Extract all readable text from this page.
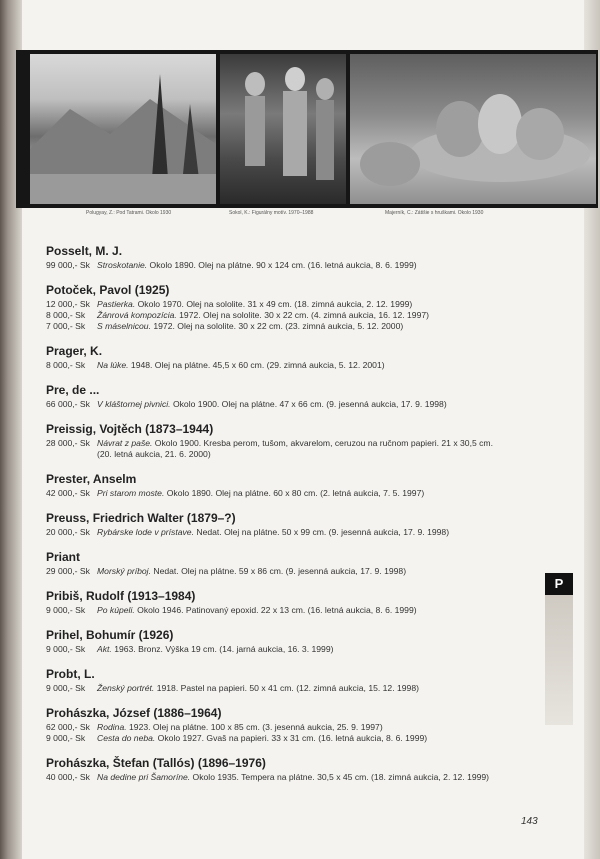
Polugyay, Z.: Pod Tatrami. Okolo 1930	Sokol, K.: Figurálny motív. 1970–1988	Majerník, C.: Zátišie s hruškami. Okolo 1930
Posselt, M. J.
99 000,- Sk Stroskotanie. Okolo 1890. Olej na plátne. 90 x 124 cm. (16. letná aukcia, 8. 6. 1999)
Potoček, Pavol (1925)
12 000,- Sk Pastierka. Okolo 1970. Olej na sololite. 31 x 49 cm. (18. zimná aukcia, 2. 12. 1999)
8 000,- Sk	Žánrová kompozícia. 1972. Olej na sololite. 30 x 22 cm. (4. zimná aukcia, 16. 12. 1997)
7 000,- Sk	S máselnicou. 1972. Olej na sololite. 30 x 22 cm. (23. zimná aukcia, 5. 12. 2000)
Prager, K.
8 000,- Sk	Na lúke. 1948. Olej na plátne. 45,5 x 60 cm. (29. zimná aukcia, 5. 12. 2001)
Pre, de ...
66 000,- Sk V kláštornej pivnici. Okolo 1900. Olej na plátne. 47 x 66 cm. (9. jesenná aukcia, 17. 9. 1998)
Preissig, Vojtěch (1873–1944)
28 000,- Sk Návrat z paše. Okolo 1900. Kresba perom, tušom, akvarelom, ceruzou na ručnom papieri. 21 x 30,5 cm.
(20. letná aukcia, 21. 6. 2000)
Prester, Anselm
42 000,- Sk Pri starom moste. Okolo 1890. Olej na plátne. 60 x 80 cm. (2. letná aukcia, 7. 5. 1997)
Preuss, Friedrich Walter (1879–?)
20 000,- Sk Rybárske lode v prístave. Nedat. Olej na plátne. 50 x 99 cm. (9. jesenná aukcia, 17. 9. 1998)
Priant
29 000,- Sk Morský príboj. Nedat. Olej na plátne. 59 x 86 cm. (9. jesenná aukcia, 17. 9. 1998)
Pribiš, Rudolf (1913–1984)
9 000,- Sk	Po kúpeli. Okolo 1946. Patinovaný epoxid. 22 x 13 cm. (16. letná aukcia, 8. 6. 1999)
Prihel, Bohumír (1926)
9 000,- Sk	Akt. 1963. Bronz. Výška 19 cm. (14. jarná aukcia, 16. 3. 1999)
Probt, L.
9 000,- Sk	Ženský portrét. 1918. Pastel na papieri. 50 x 41 cm. (12. zimná aukcia, 15. 12. 1998)
Prohászka, József (1886–1964)
62 000,- Sk Rodina. 1923. Olej na plátne. 100 x 85 cm. (3. jesenná aukcia, 25. 9. 1997)
9 000,- Sk	Cesta do neba. Okolo 1927. Gvaš na papieri. 33 x 31 cm. (16. letná aukcia, 8. 6. 1999)
Prohászka, Štefan (Tallós) (1896–1976)
40 000,- Sk Na dedine pri Šamoríne. Okolo 1935. Tempera na plátne. 30,5 x 45 cm. (18. zimná aukcia, 2. 12. 1999)
P
143
